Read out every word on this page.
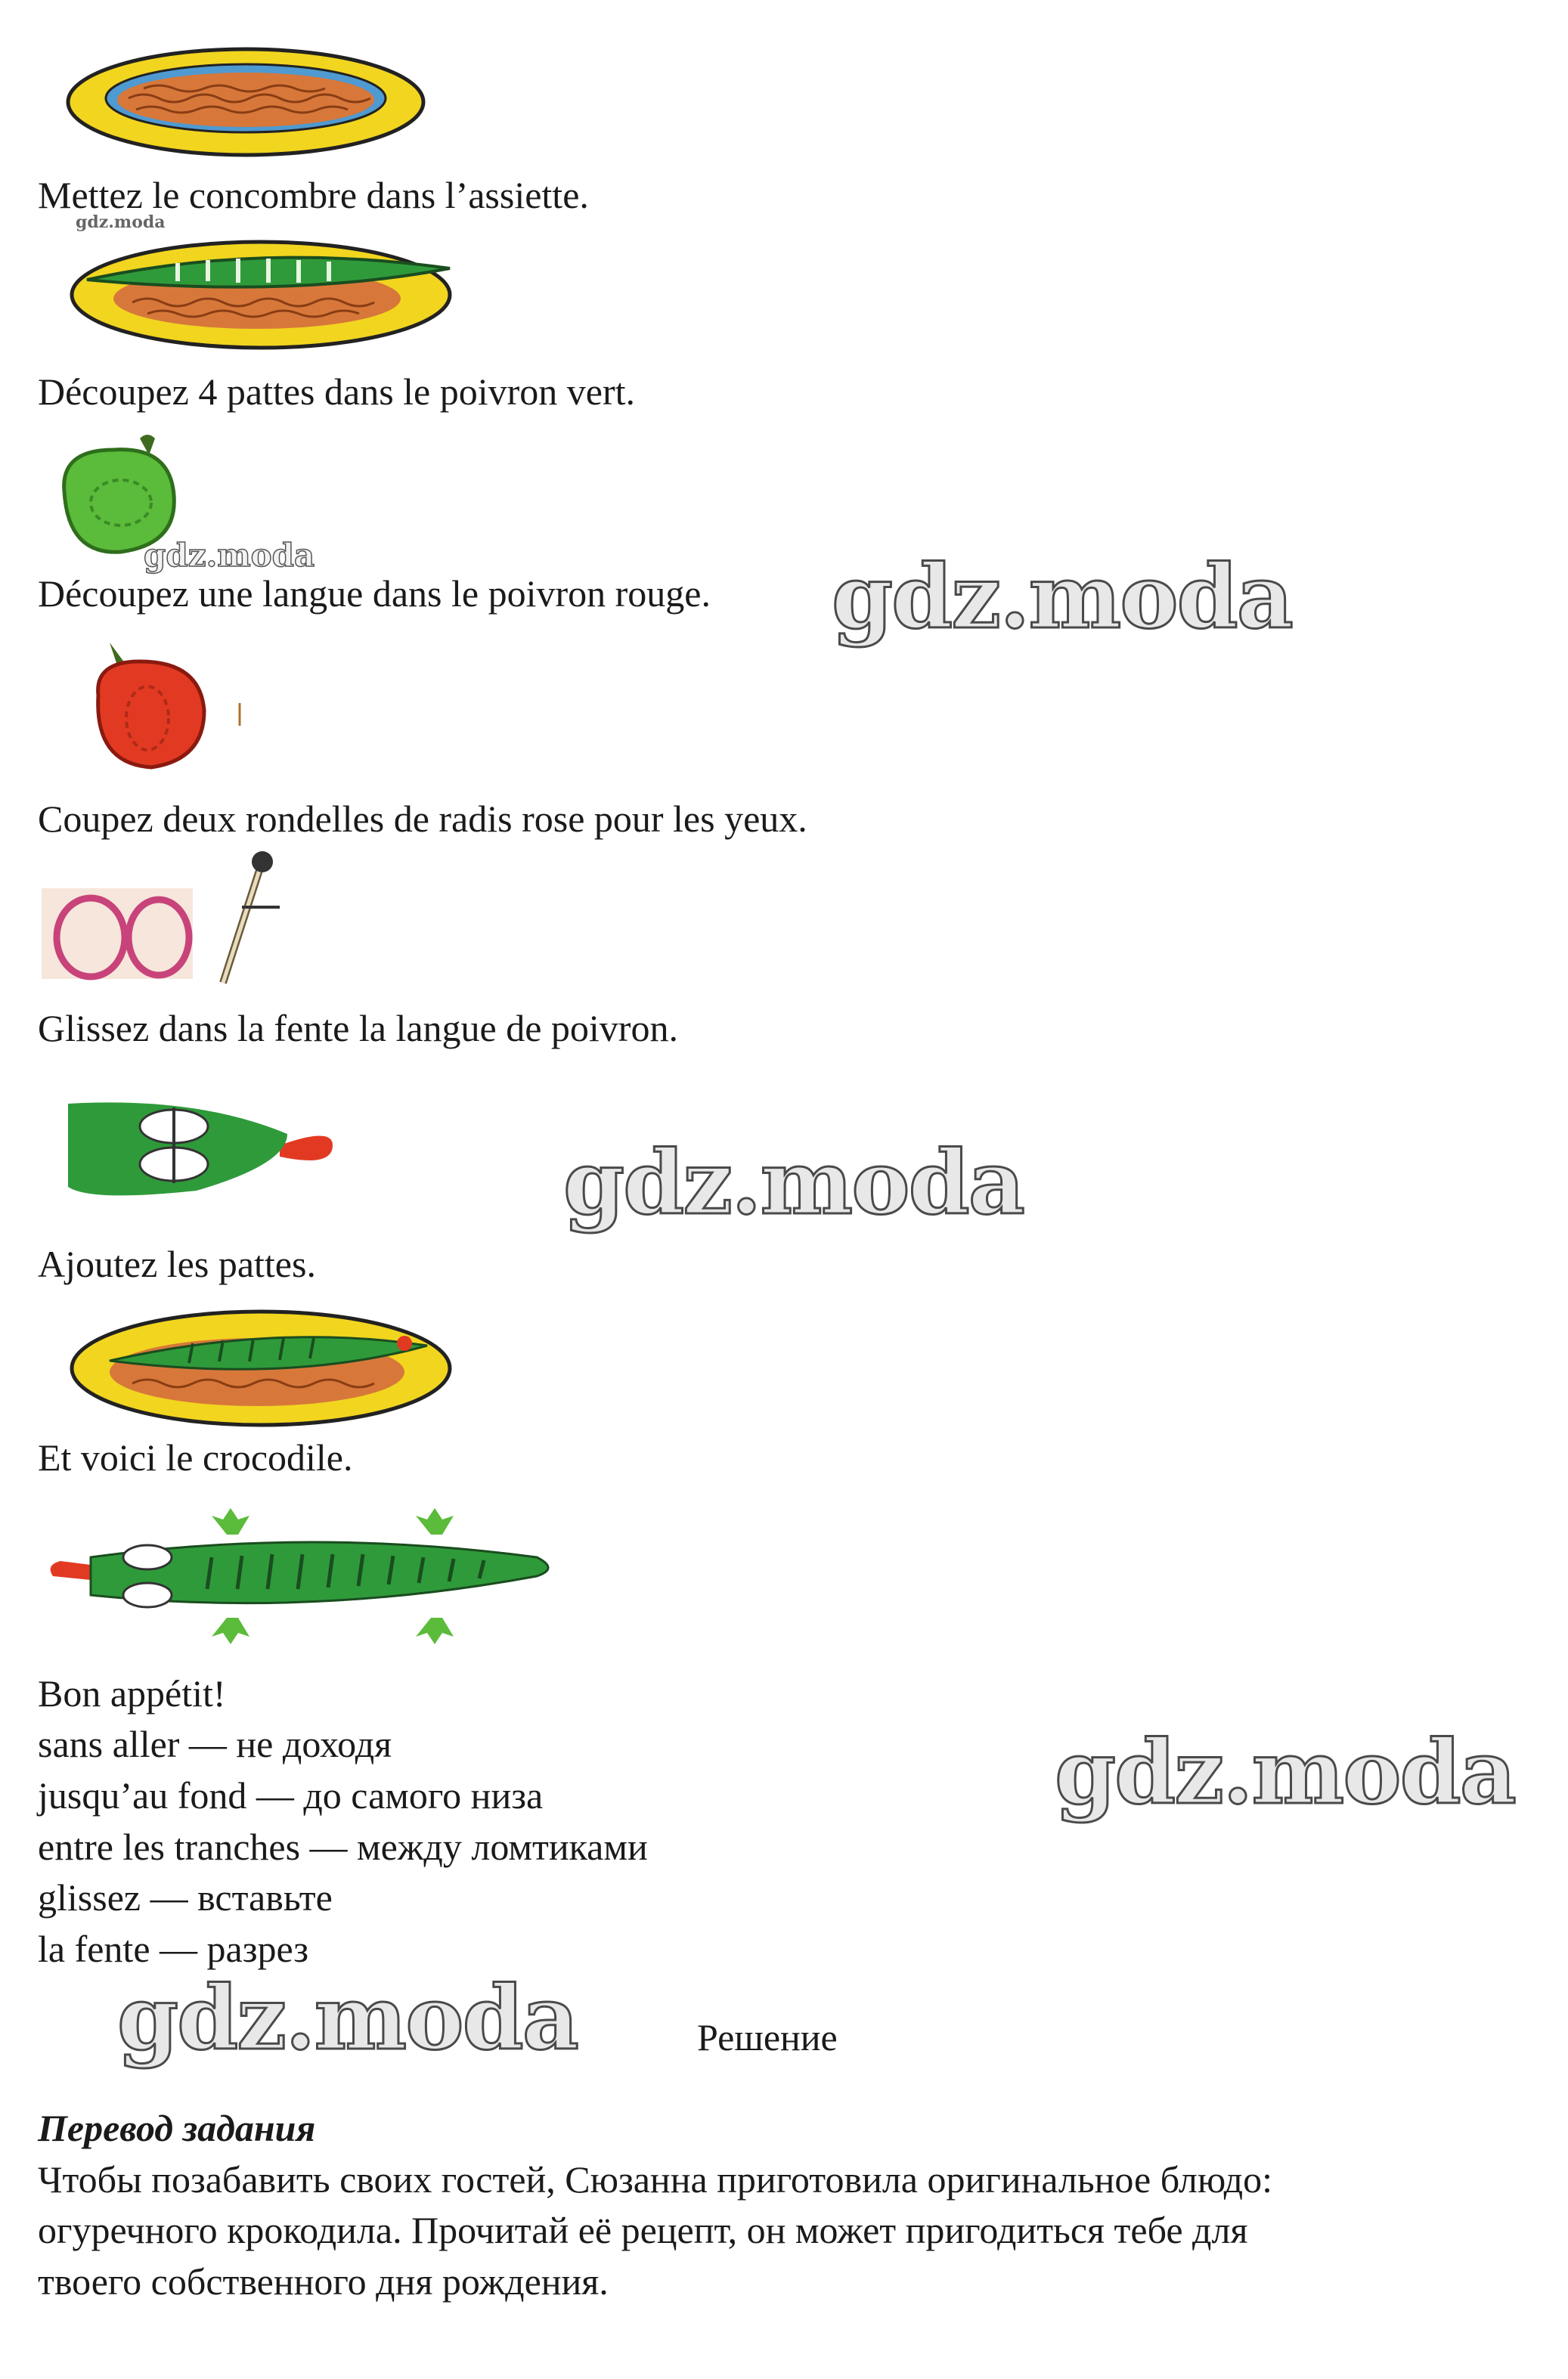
Mettez le concombre dans l’assiette.

gdz.moda

Découpez 4 pattes dans le poivron vert.

gdz.moda

Découpez une langue dans le poivron rouge. gdz.moda

Coupez deux rondelles de radis rose pour les yeux.

Glissez dans la fente la langue de poivron.

gdz.moda

Ajoutez les pattes.

Et voici le crocodile.

Bon appétit!

sans aller — не доходя

jusqu’au fond — до самого низа

entre les tranches — между ломтиками

glissez — вставьте

la fente — разрез

gdz.moda
gdz.moda	Решение

Перевод задания

Чтобы позабавить своих гостей, Сюзанна приготовила оригинальное блюдо:

огуречного крокодила. Прочитай её рецепт, он может пригодиться тебе для

твоего собственного дня рождения.
